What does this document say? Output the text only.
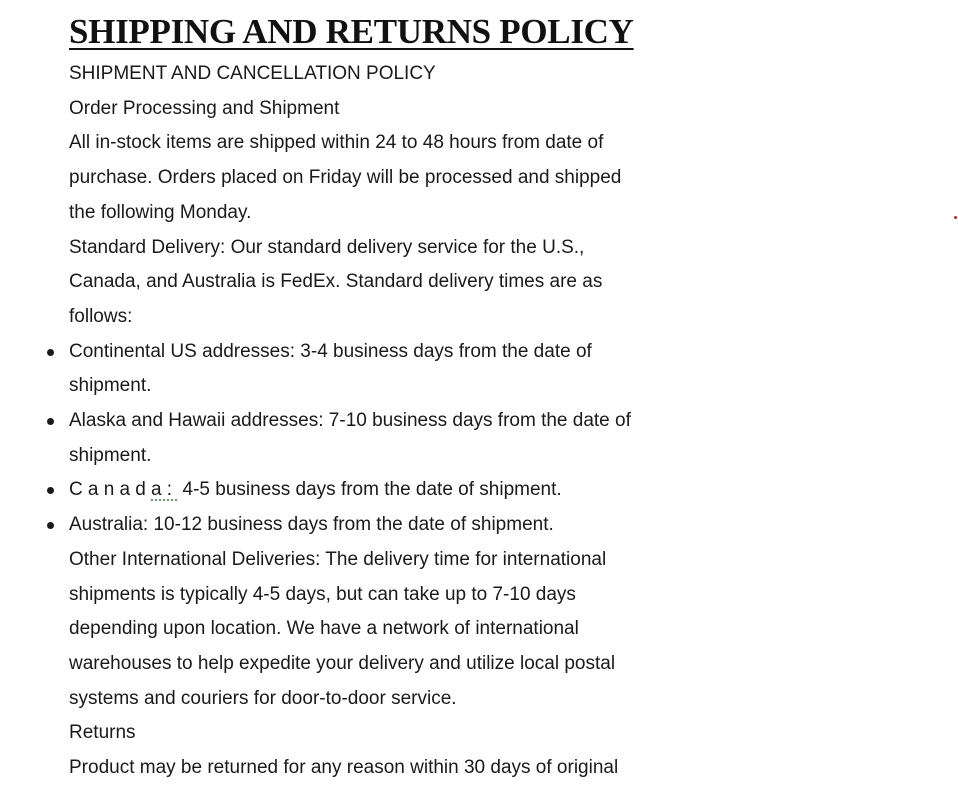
SHIPPING AND RETURNS POLICY

SHIPMENT AND CANCELLATION POLICY

Order Processing and Shipment

All in-stock items are shipped within 24 to 48 hours from date of

purchase. Orders placed on Friday will be processed and shipped

the following Monday.

Standard Delivery: Our standard delivery service for the U.S.,

Canada, and Australia is FedEx. Standard delivery times are as

follows:

Continental US addresses: 3-4 business days from the date of
shipment.
Alaska and Hawaii addresses: 7-10 business days from the date of
shipment.
Canada: 4-5 business days from the date of shipment.
Australia: 10-12 business days from the date of shipment.

Other International Deliveries: The delivery time for international

shipments is typically 4-5 days, but can take up to 7-10 days

depending upon location. We have a network of international

warehouses to help expedite your delivery and utilize local postal

systems and couriers for door-to-door service.

Returns

Product may be returned for any reason within 30 days of original
